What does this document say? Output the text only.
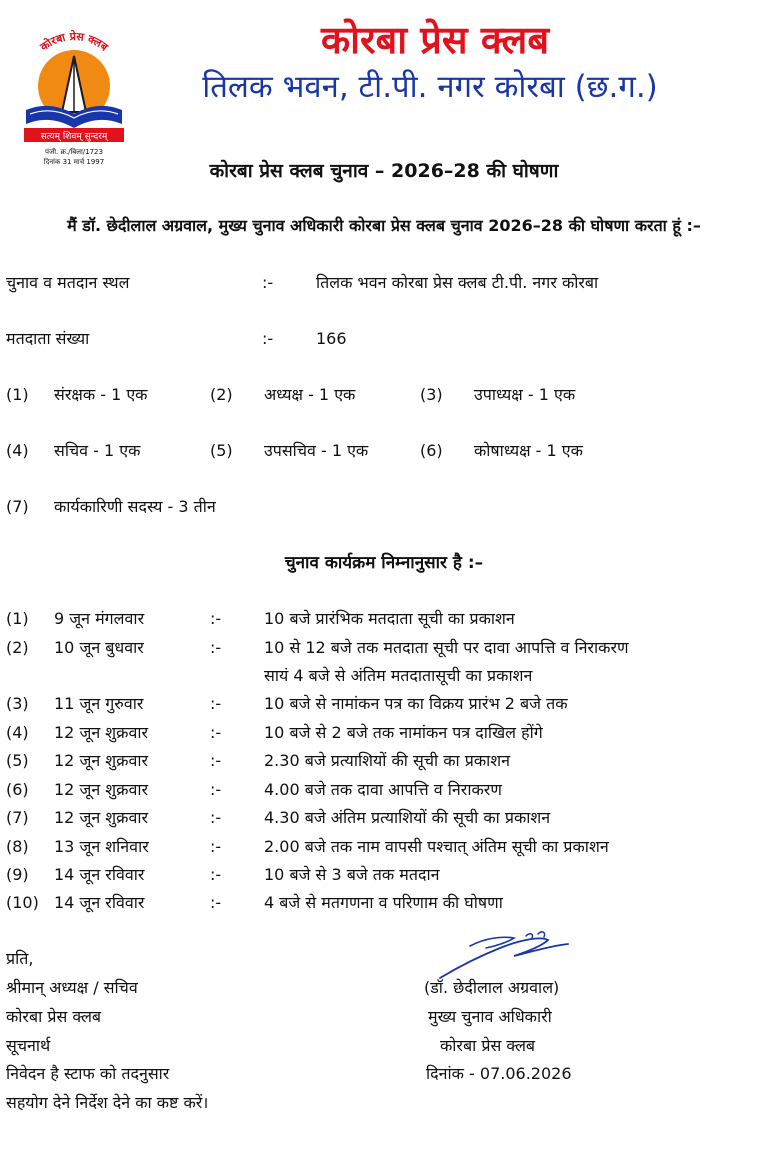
कोरबा प्रेस क्लब
सत्यम् शिवम् सुन्दरम्
पंजी. क्र./बिला/1723
दिनांक 31 मार्च 1997
कोरबा प्रेस क्लब
तिलक भवन, टी.पी. नगर कोरबा (छ.ग.)
कोरबा प्रेस क्लब चुनाव – 2026–28 की घोषणा
मैं डॉ. छेदीलाल अग्रवाल, मुख्य चुनाव अधिकारी कोरबा प्रेस क्लब चुनाव 2026–28 की घोषणा करता हूं :–
चुनाव व मतदान स्थल	:-	तिलक भवन कोरबा प्रेस क्लब टी.पी. नगर कोरबा
मतदाता संख्या	:-	166
(1) संरक्षक - 1 एक	(2) अध्यक्ष - 1 एक	(3) उपाध्यक्ष - 1 एक
(4) सचिव - 1 एक	(5) उपसचिव - 1 एक	(6) कोषाध्यक्ष - 1 एक
(7) कार्यकारिणी सदस्य - 3 तीन
चुनाव कार्यक्रम निम्नानुसार है :–
(1) 9 जून मंगलवार	:-	10 बजे प्रारंभिक मतदाता सूची का प्रकाशन
(2) 10 जून बुधवार	:-	10 से 12 बजे तक मतदाता सूची पर दावा आपत्ति व निराकरण
सायं 4 बजे से अंतिम मतदातासूची का प्रकाशन
(3) 11 जून गुरुवार	:-	10 बजे से नामांकन पत्र का विक्रय प्रारंभ 2 बजे तक
(4) 12 जून शुक्रवार	:-	10 बजे से 2 बजे तक नामांकन पत्र दाखिल होंगे
(5) 12 जून शुक्रवार	:-	2.30 बजे प्रत्याशियों की सूची का प्रकाशन
(6) 12 जून शुक्रवार	:-	4.00 बजे तक दावा आपत्ति व निराकरण
(7) 12 जून शुक्रवार	:-	4.30 बजे अंतिम प्रत्याशियों की सूची का प्रकाशन
(8) 13 जून शनिवार	:-	2.00 बजे तक नाम वापसी पश्चात् अंतिम सूची का प्रकाशन
(9) 14 जून रविवार	:-	10 बजे से 3 बजे तक मतदान
(10) 14 जून रविवार	:-	4 बजे से मतगणना व परिणाम की घोषणा
प्रति,
श्रीमान् अध्यक्ष / सचिव
कोरबा प्रेस क्लब
सूचनार्थ
निवेदन है स्टाफ को तदनुसार
सहयोग देने निर्देश देने का कष्ट करें।
(डॉ. छेदीलाल अग्रवाल)
मुख्य चुनाव अधिकारी
कोरबा प्रेस क्लब
दिनांक - 07.06.2026
